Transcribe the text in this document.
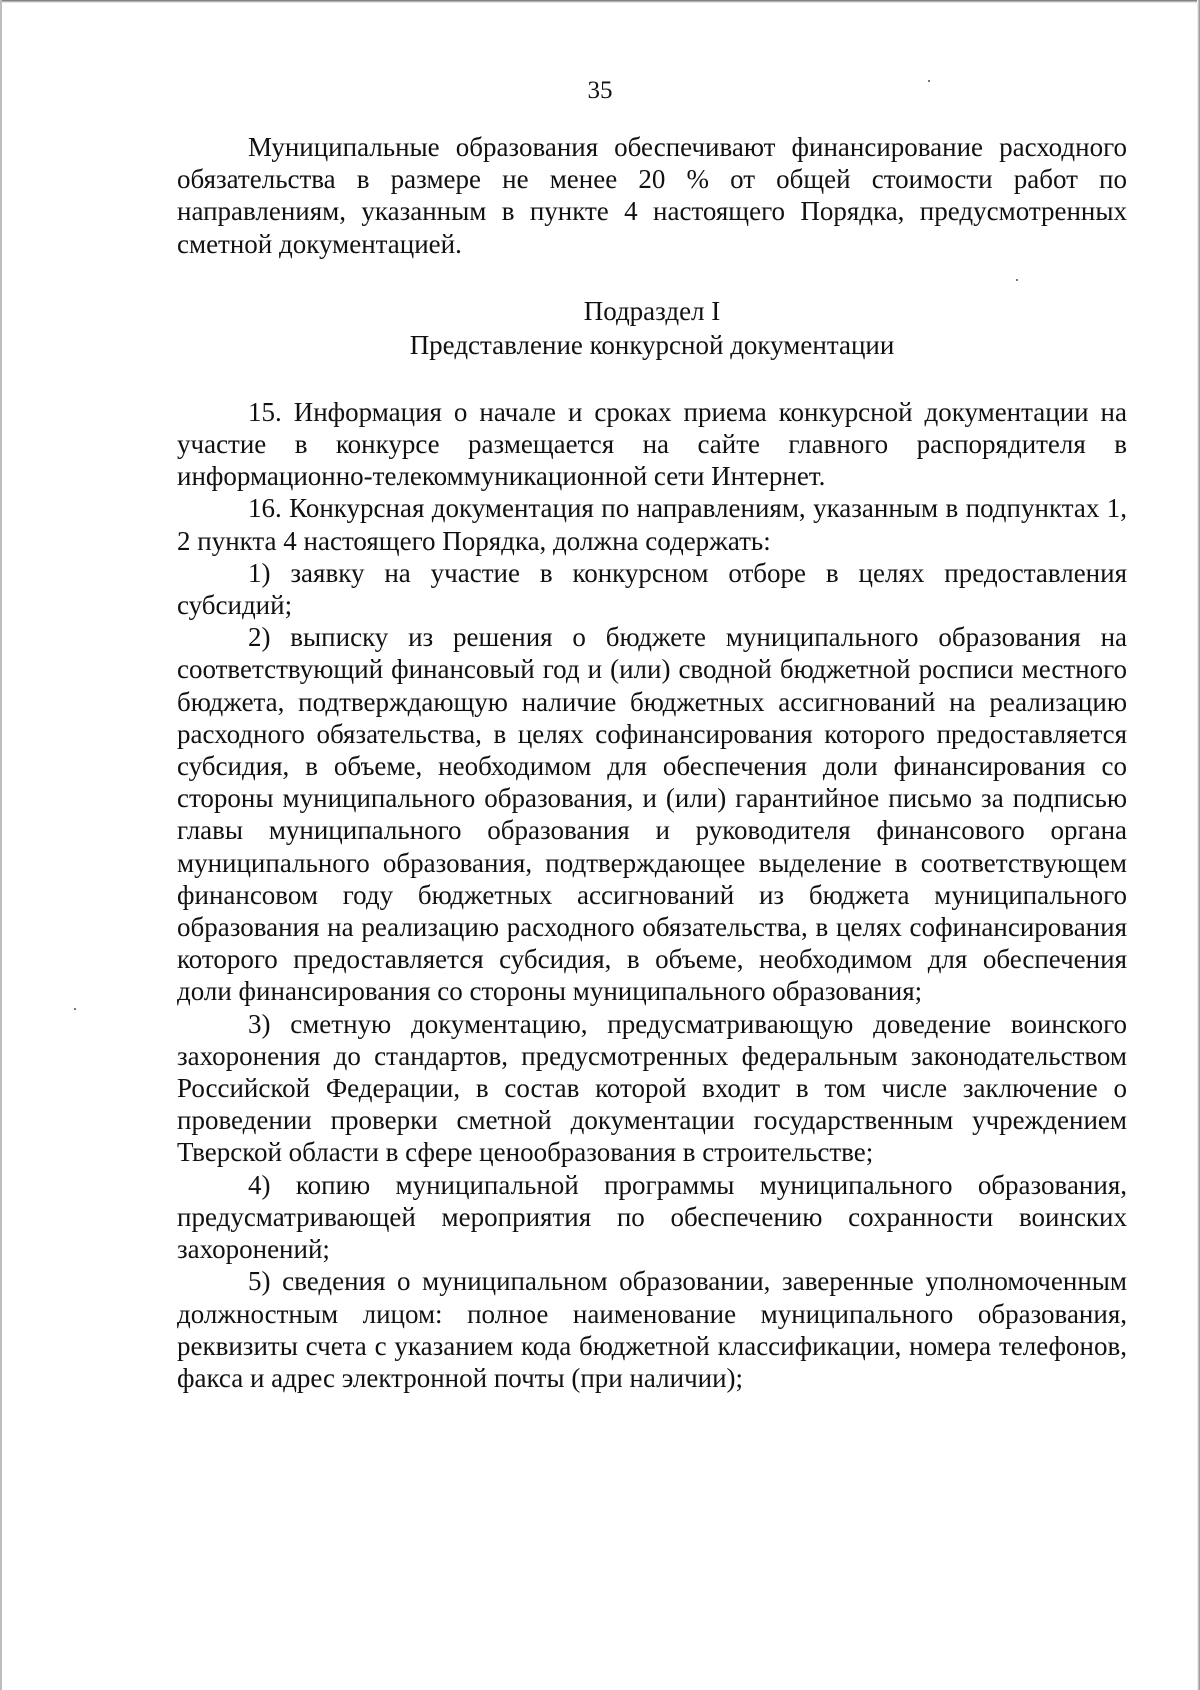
35

Муниципальные образования обеспечивают финансирование расходного обязательства в размере не менее 20 % от общей стоимости работ по направлениям, указанным в пункте 4 настоящего Порядка, предусмотренных сметной документацией.

Подраздел I
Представление конкурсной документации

15. Информация о начале и сроках приема конкурсной документации на участие в конкурсе размещается на сайте главного распорядителя в информационно-телекоммуникационной сети Интернет.

16. Конкурсная документация по направлениям, указанным в подпунктах 1, 2 пункта 4 настоящего Порядка, должна содержать:

1) заявку на участие в конкурсном отборе в целях предоставления субсидий;

2) выписку из решения о бюджете муниципального образования на соответствующий финансовый год и (или) сводной бюджетной росписи местного бюджета, подтверждающую наличие бюджетных ассигнований на реализацию расходного обязательства, в целях софинансирования которого предоставляется субсидия, в объеме, необходимом для обеспечения доли финансирования со стороны муниципального образования, и (или) гарантийное письмо за подписью главы муниципального образования и руководителя финансового органа муниципального образования, подтверждающее выделение в соответствующем финансовом году бюджетных ассигнований из бюджета муниципального образования на реализацию расходного обязательства, в целях софинансирования которого предоставляется субсидия, в объеме, необходимом для обеспечения доли финансирования со стороны муниципального образования;

3) сметную документацию, предусматривающую доведение воинского захоронения до стандартов, предусмотренных федеральным законодательством Российской Федерации, в состав которой входит в том числе заключение о проведении проверки сметной документации государственным учреждением Тверской области в сфере ценообразования в строительстве;

4) копию муниципальной программы муниципального образования, предусматривающей мероприятия по обеспечению сохранности воинских захоронений;

5) сведения о муниципальном образовании, заверенные уполномоченным должностным лицом: полное наименование муниципального образования, реквизиты счета с указанием кода бюджетной классификации, номера телефонов, факса и адрес электронной почты (при наличии);
